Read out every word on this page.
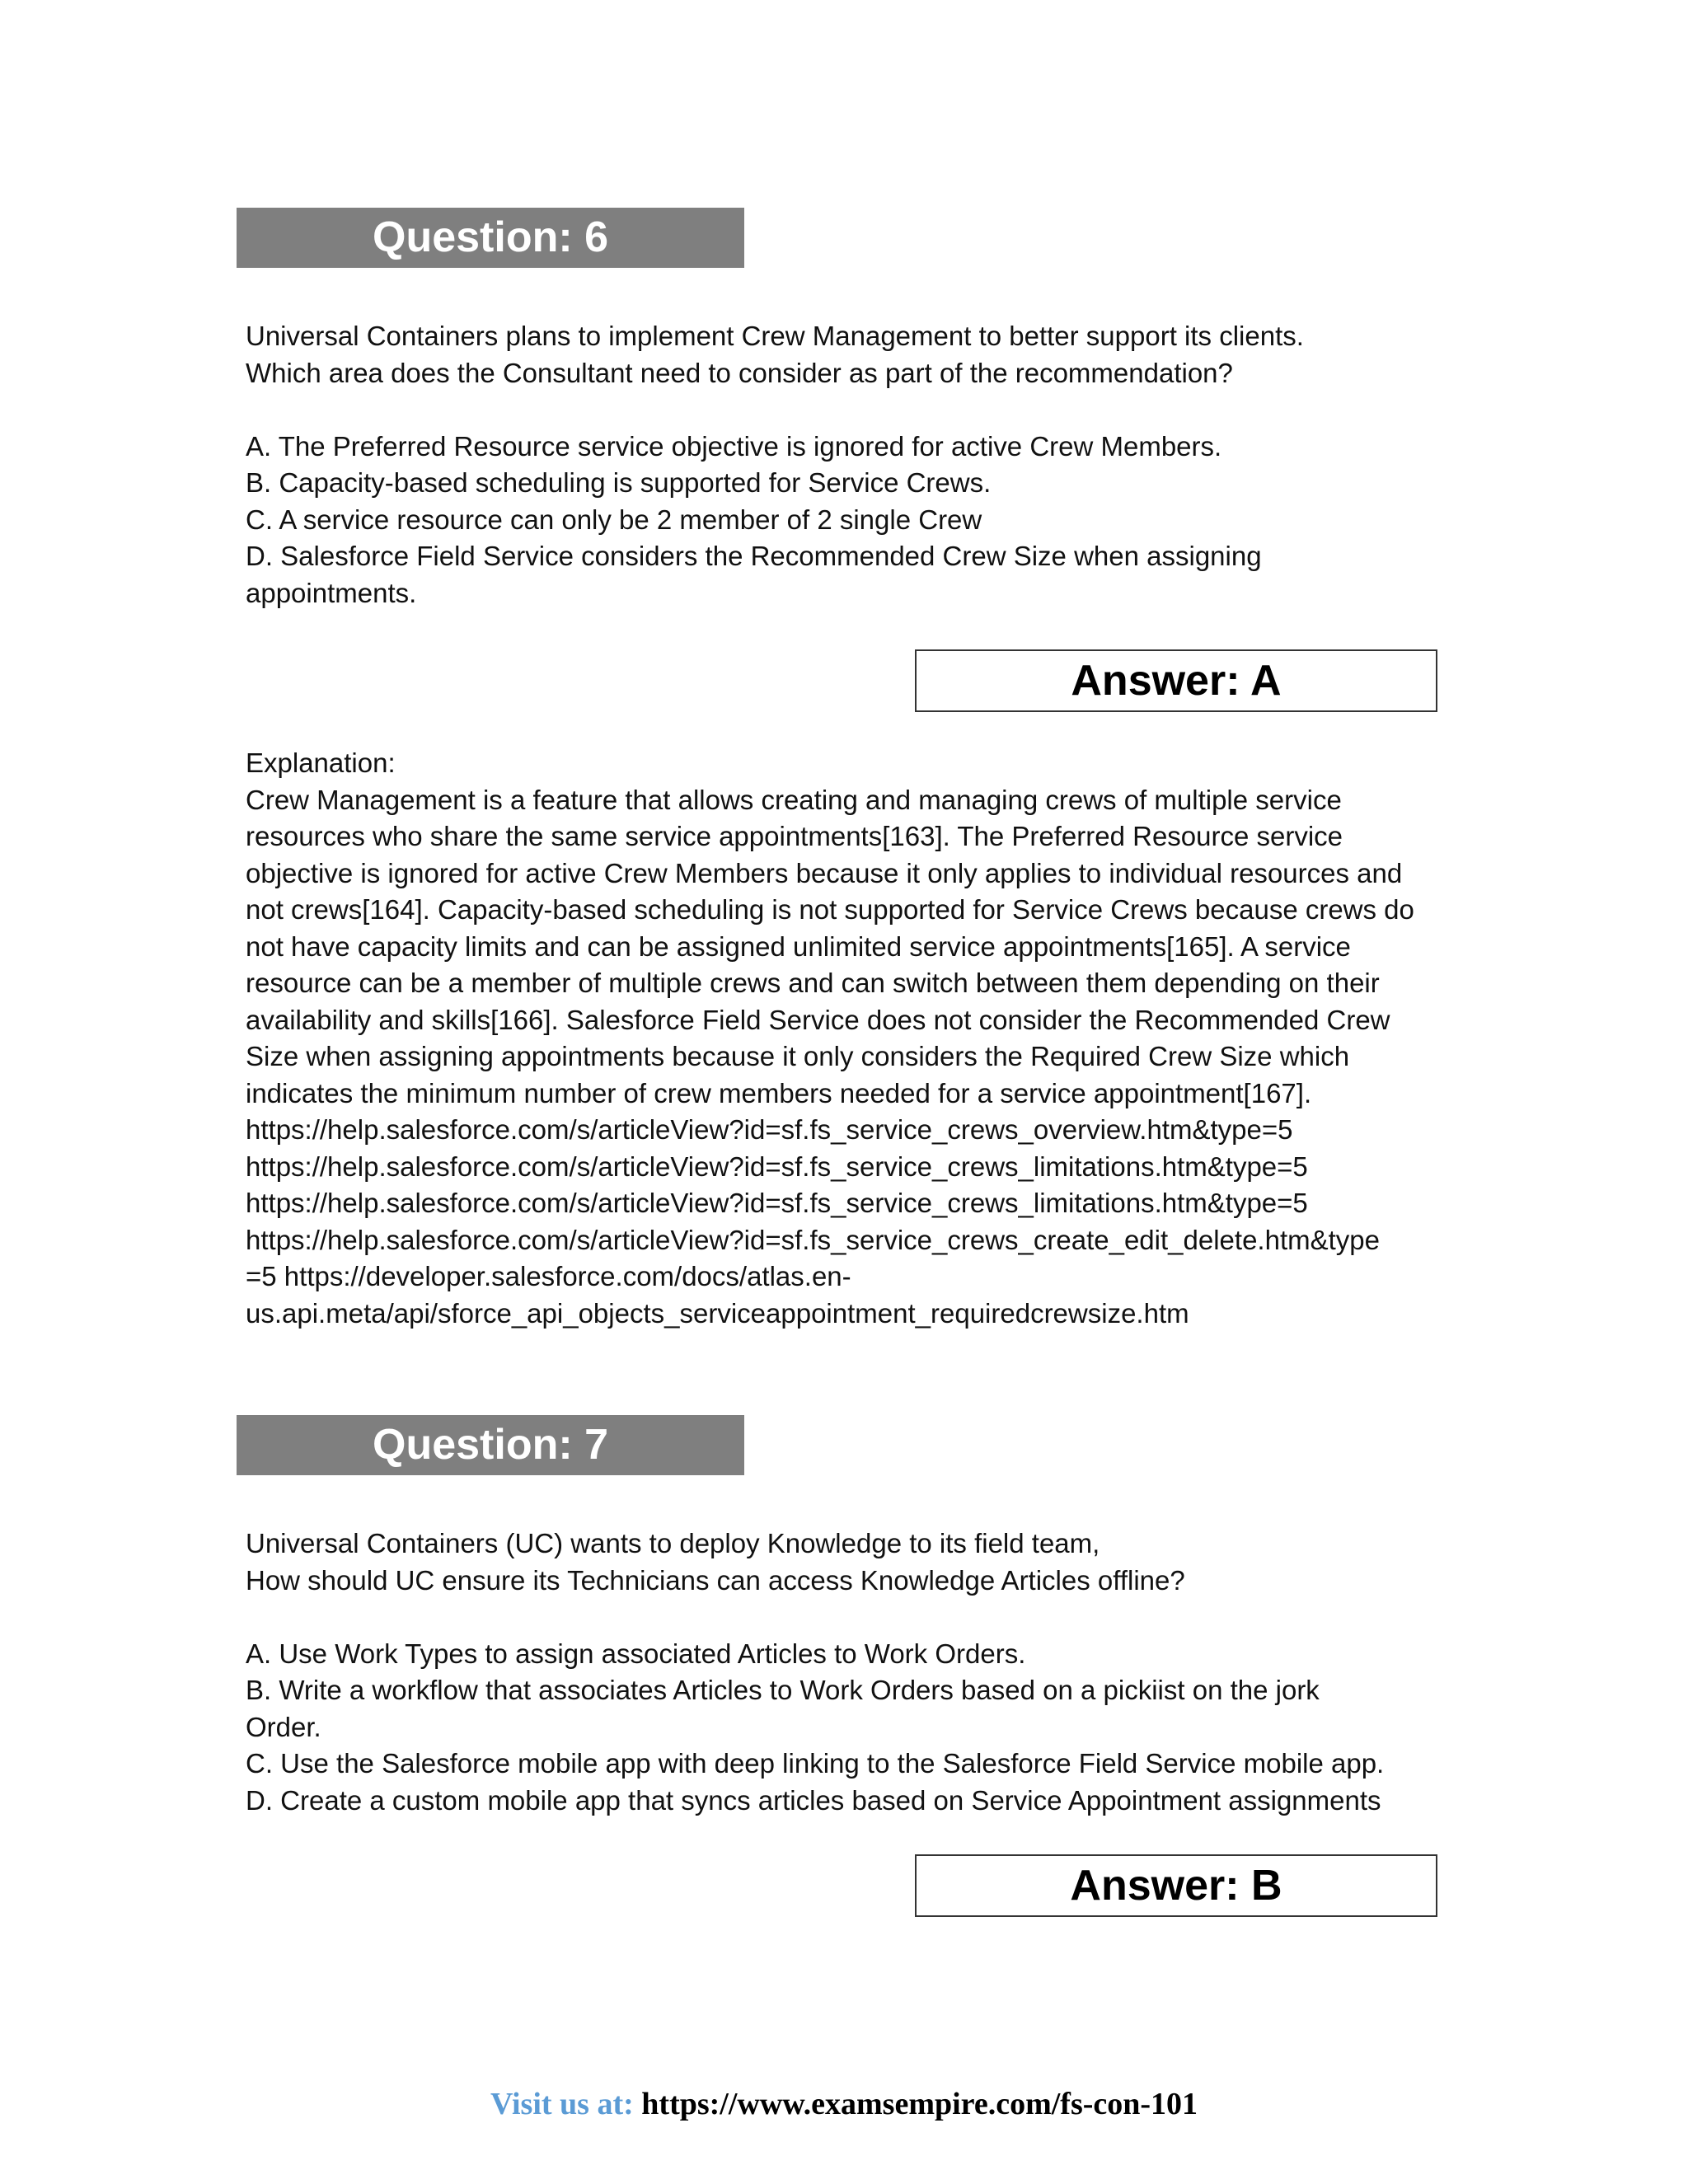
Question: 6
Universal Containers plans to implement Crew Management to better support its clients.
Which area does the Consultant need to consider as part of the recommendation?
A. The Preferred Resource service objective is ignored for active Crew Members.
B. Capacity-based scheduling is supported for Service Crews.
C. A service resource can only be 2 member of 2 single Crew
D. Salesforce Field Service considers the Recommended Crew Size when assigning
appointments.
Answer: A
Explanation:
Crew Management is a feature that allows creating and managing crews of multiple service
resources who share the same service appointments[163]. The Preferred Resource service
objective is ignored for active Crew Members because it only applies to individual resources and
not crews[164]. Capacity-based scheduling is not supported for Service Crews because crews do
not have capacity limits and can be assigned unlimited service appointments[165]. A service
resource can be a member of multiple crews and can switch between them depending on their
availability and skills[166]. Salesforce Field Service does not consider the Recommended Crew
Size when assigning appointments because it only considers the Required Crew Size which
indicates the minimum number of crew members needed for a service appointment[167].
https://help.salesforce.com/s/articleView?id=sf.fs_service_crews_overview.htm&type=5
https://help.salesforce.com/s/articleView?id=sf.fs_service_crews_limitations.htm&type=5
https://help.salesforce.com/s/articleView?id=sf.fs_service_crews_limitations.htm&type=5
https://help.salesforce.com/s/articleView?id=sf.fs_service_crews_create_edit_delete.htm&type
=5 https://developer.salesforce.com/docs/atlas.en-
us.api.meta/api/sforce_api_objects_serviceappointment_requiredcrewsize.htm
Question: 7
Universal Containers (UC) wants to deploy Knowledge to its field team,
How should UC ensure its Technicians can access Knowledge Articles offline?
A. Use Work Types to assign associated Articles to Work Orders.
B. Write a workflow that associates Articles to Work Orders based on a pickiist on the jork
Order.
C. Use the Salesforce mobile app with deep linking to the Salesforce Field Service mobile app.
D. Create a custom mobile app that syncs articles based on Service Appointment assignments
Answer: B
Visit us at: https://www.examsempire.com/fs-con-101
